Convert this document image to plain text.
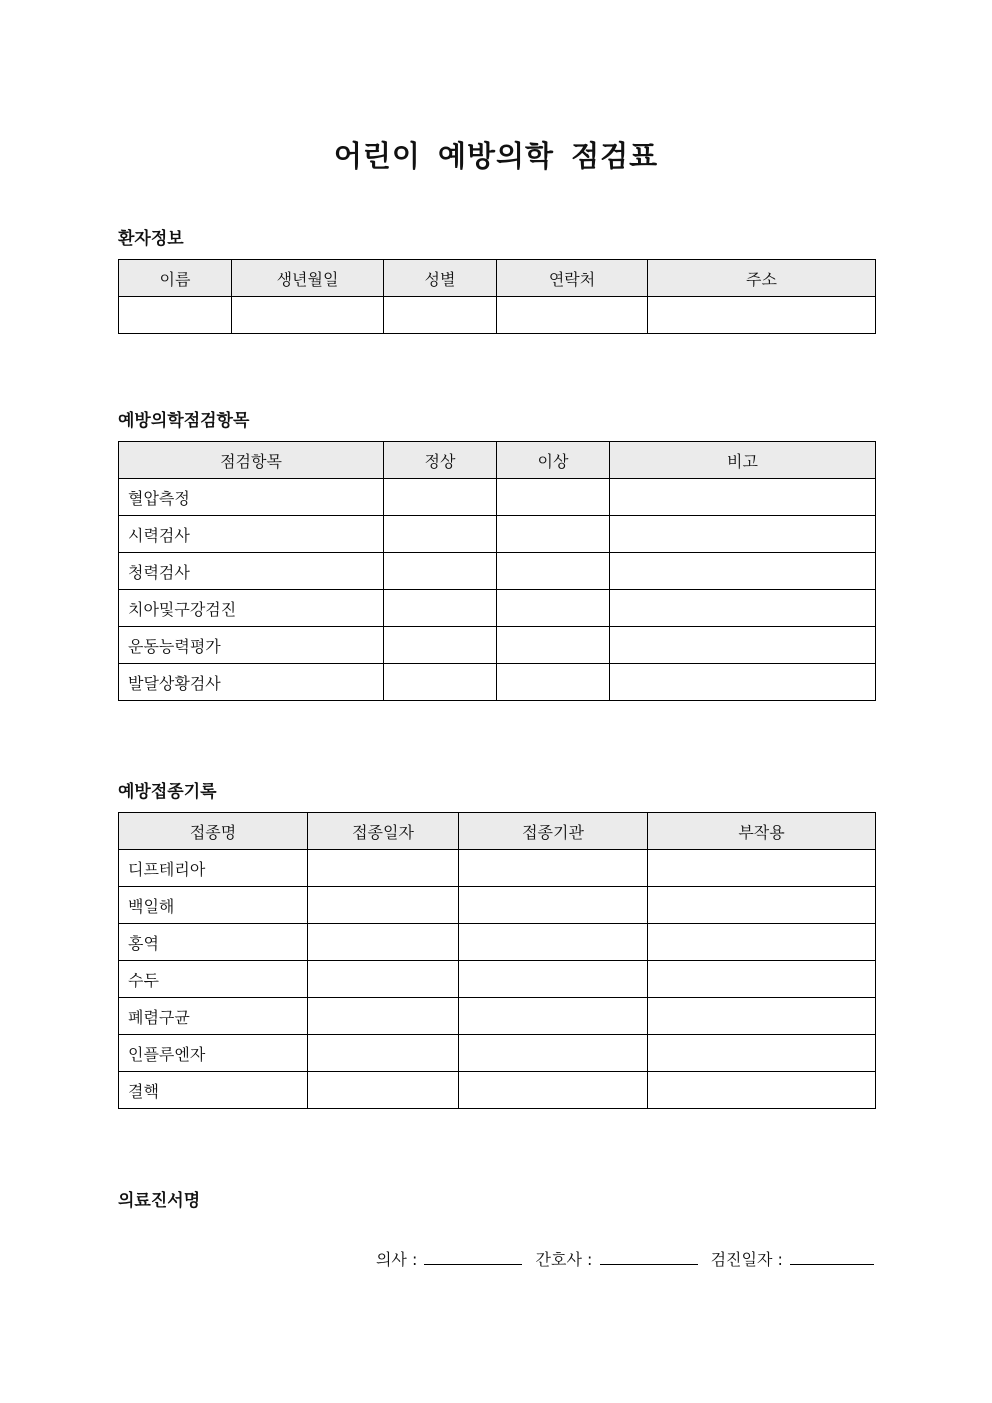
어린이 예방의학 점검표
환자정보
이름	생년월일	성별	연락처	주소

예방의학점검항목
점검항목	정상	이상	비고
혈압측정			
시력검사			
청력검사			
치아및구강검진			
운동능력평가			
발달상황검사			
예방접종기록
접종명	접종일자	접종기관	부작용
디프테리아			
백일해			
홍역			
수두			
폐렴구균			
인플루엔자			
결핵			
의료진서명
의사 :	간호사 :	검진일자 :
